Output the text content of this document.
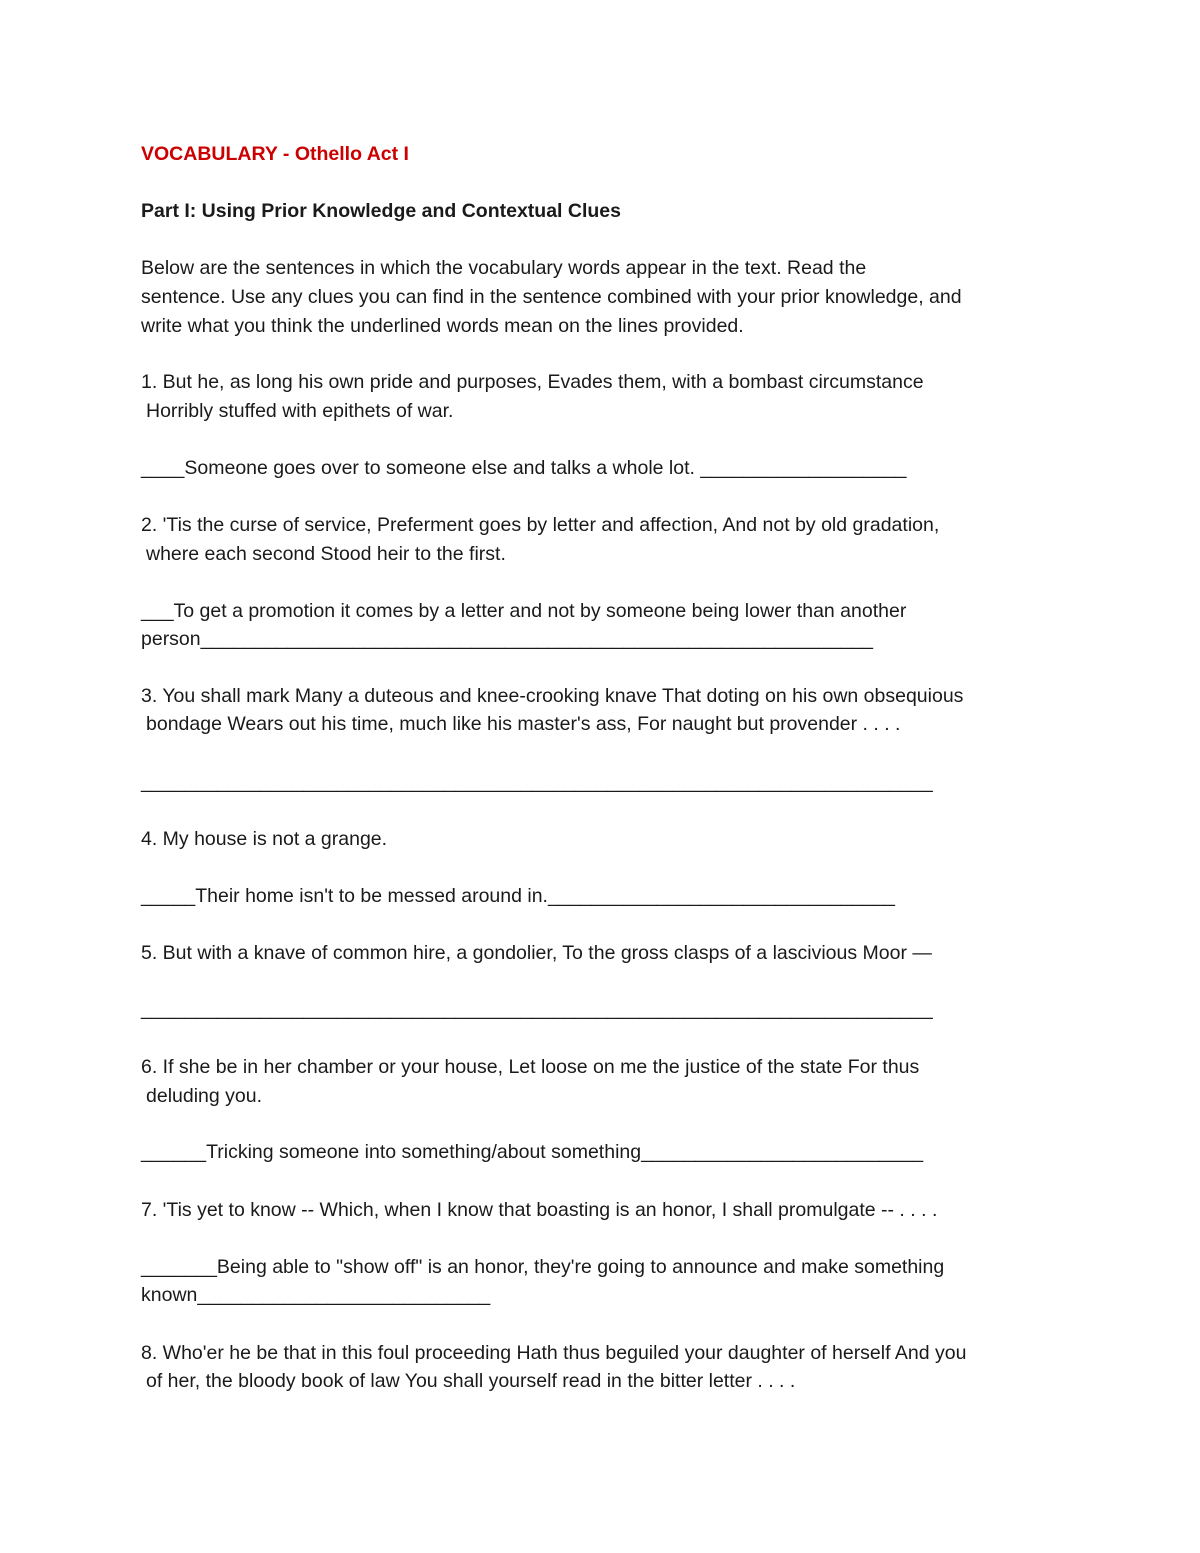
VOCABULARY - Othello Act I
Part I: Using Prior Knowledge and Contextual Clues
Below are the sentences in which the vocabulary words appear in the text. Read the
sentence. Use any clues you can find in the sentence combined with your prior knowledge, and
write what you think the underlined words mean on the lines provided.
1. But he, as long his own pride and purposes, Evades them, with a bombast circumstance
Horribly stuffed with epithets of war.
____Someone goes over to someone else and talks a whole lot. ___________________
2. 'Tis the curse of service, Preferment goes by letter and affection, And not by old gradation,
where each second Stood heir to the first.
___To get a promotion it comes by a letter and not by someone being lower than another
person______________________________________________________________
3. You shall mark Many a duteous and knee-crooking knave That doting on his own obsequious
bondage Wears out his time, much like his master's ass, For naught but provender . . . .
_________________________________________________________________________
4. My house is not a grange.
_____Their home isn't to be messed around in.________________________________
5. But with a knave of common hire, a gondolier, To the gross clasps of a lascivious Moor —
_________________________________________________________________________
6. If she be in her chamber or your house, Let loose on me the justice of the state For thus
deluding you.
______Tricking someone into something/about something__________________________
7. 'Tis yet to know -- Which, when I know that boasting is an honor, I shall promulgate -- . . . .
_______Being able to "show off" is an honor, they're going to announce and make something
known___________________________
8. Who'er he be that in this foul proceeding Hath thus beguiled your daughter of herself And you
of her, the bloody book of law You shall yourself read in the bitter letter . . . .
